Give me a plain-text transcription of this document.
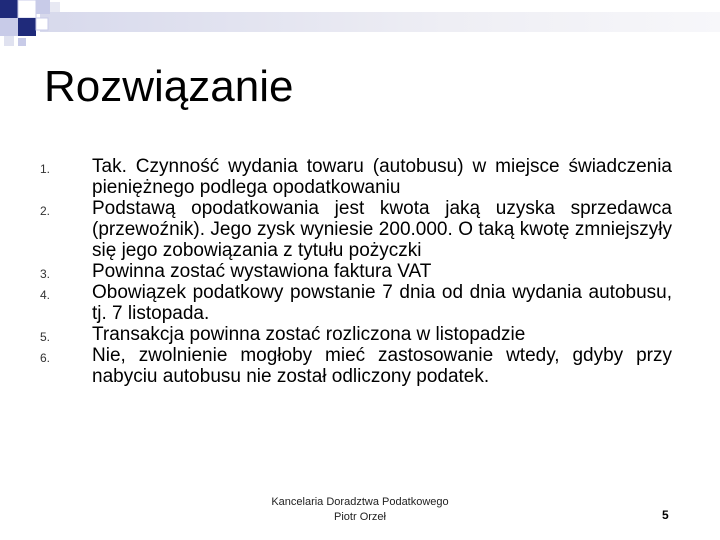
Rozwiązanie
1. Tak. Czynność wydania towaru (autobusu) w miejsce świadczenia pieniężnego podlega opodatkowaniu
2. Podstawą opodatkowania jest kwota jaką uzyska sprzedawca (przewoźnik). Jego zysk wyniesie 200.000. O taką kwotę zmniejszyły się jego zobowiązania z tytułu pożyczki
3. Powinna zostać wystawiona faktura VAT
4. Obowiązek podatkowy powstanie 7 dnia od dnia wydania autobusu, tj. 7 listopada.
5. Transakcja powinna zostać rozliczona w listopadzie
6. Nie, zwolnienie mogłoby mieć zastosowanie wtedy, gdyby przy nabyciu autobusu nie został odliczony podatek.
Kancelaria Doradztwa Podatkowego
Piotr Orzeł	5
